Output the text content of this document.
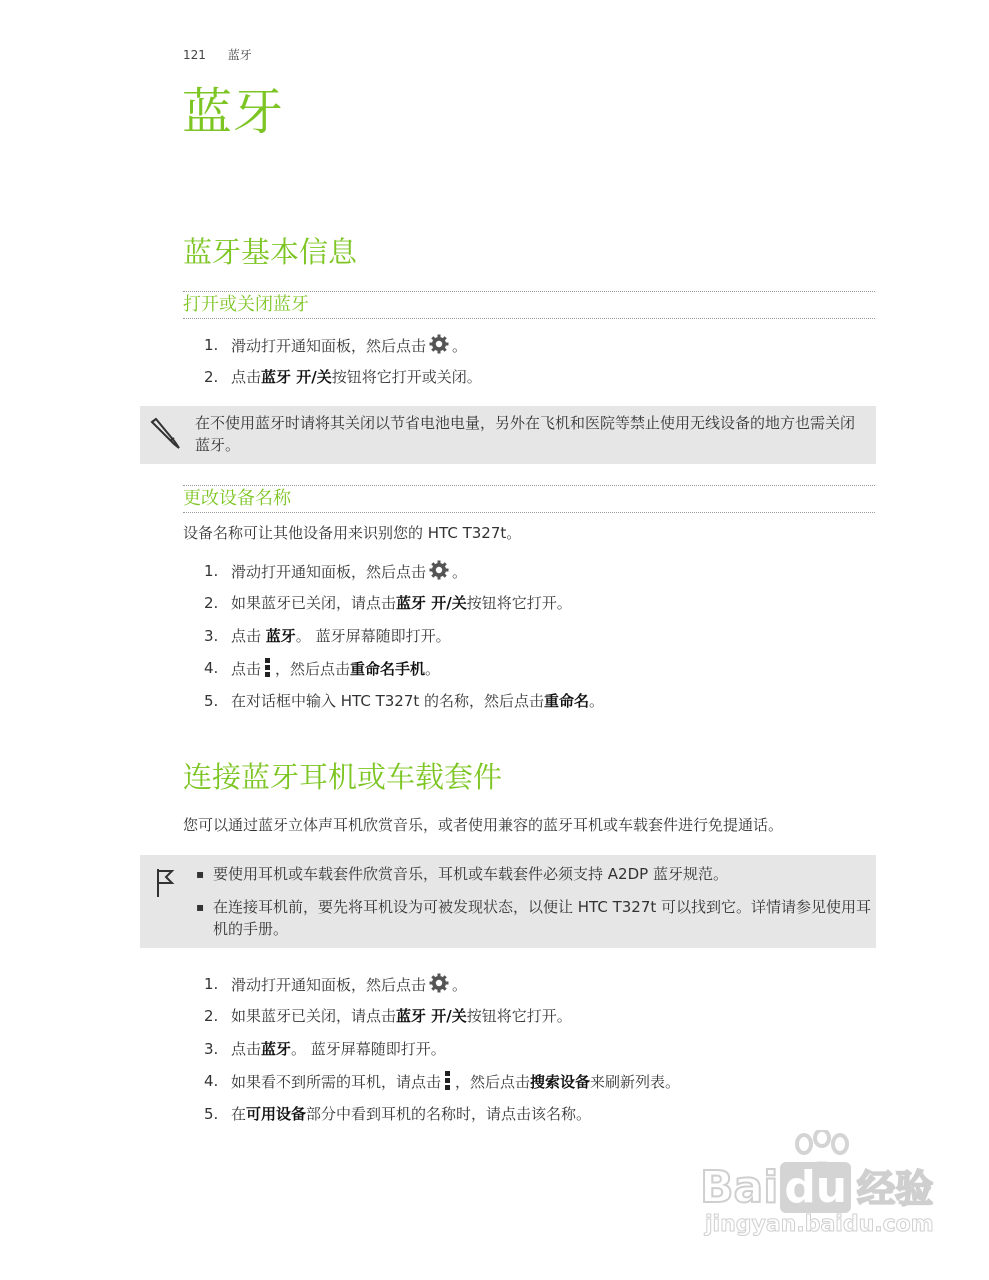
121 蓝牙
蓝牙
蓝牙基本信息
打开或关闭蓝牙
1. 滑动打开通知面板，然后点击 。
2. 点击蓝牙 开/关按钮将它打开或关闭。
在不使用蓝牙时请将其关闭以节省电池电量，另外在飞机和医院等禁止使用无线设备的地方也需关闭蓝牙。
更改设备名称
设备名称可让其他设备用来识别您的 HTC T327t。
1. 滑动打开通知面板，然后点击 。
2. 如果蓝牙已关闭，请点击蓝牙 开/关按钮将它打开。
3. 点击 蓝牙。 蓝牙屏幕随即打开。
4. 点击 ，然后点击重命名手机。
5. 在对话框中输入 HTC T327t 的名称，然后点击重命名。
连接蓝牙耳机或车载套件
您可以通过蓝牙立体声耳机欣赏音乐，或者使用兼容的蓝牙耳机或车载套件进行免提通话。
▪ 要使用耳机或车载套件欣赏音乐，耳机或车载套件必须支持 A2DP 蓝牙规范。
▪ 在连接耳机前，要先将耳机设为可被发现状态，以便让 HTC T327t 可以找到它。详情请参见使用耳机的手册。
1. 滑动打开通知面板，然后点击 。
2. 如果蓝牙已关闭，请点击蓝牙 开/关按钮将它打开。
3. 点击蓝牙。 蓝牙屏幕随即打开。
4. 如果看不到所需的耳机，请点击 ，然后点击搜索设备来刷新列表。
5. 在可用设备部分中看到耳机的名称时，请点击该名称。
Bai du 经验
jingyan.baidu.com
